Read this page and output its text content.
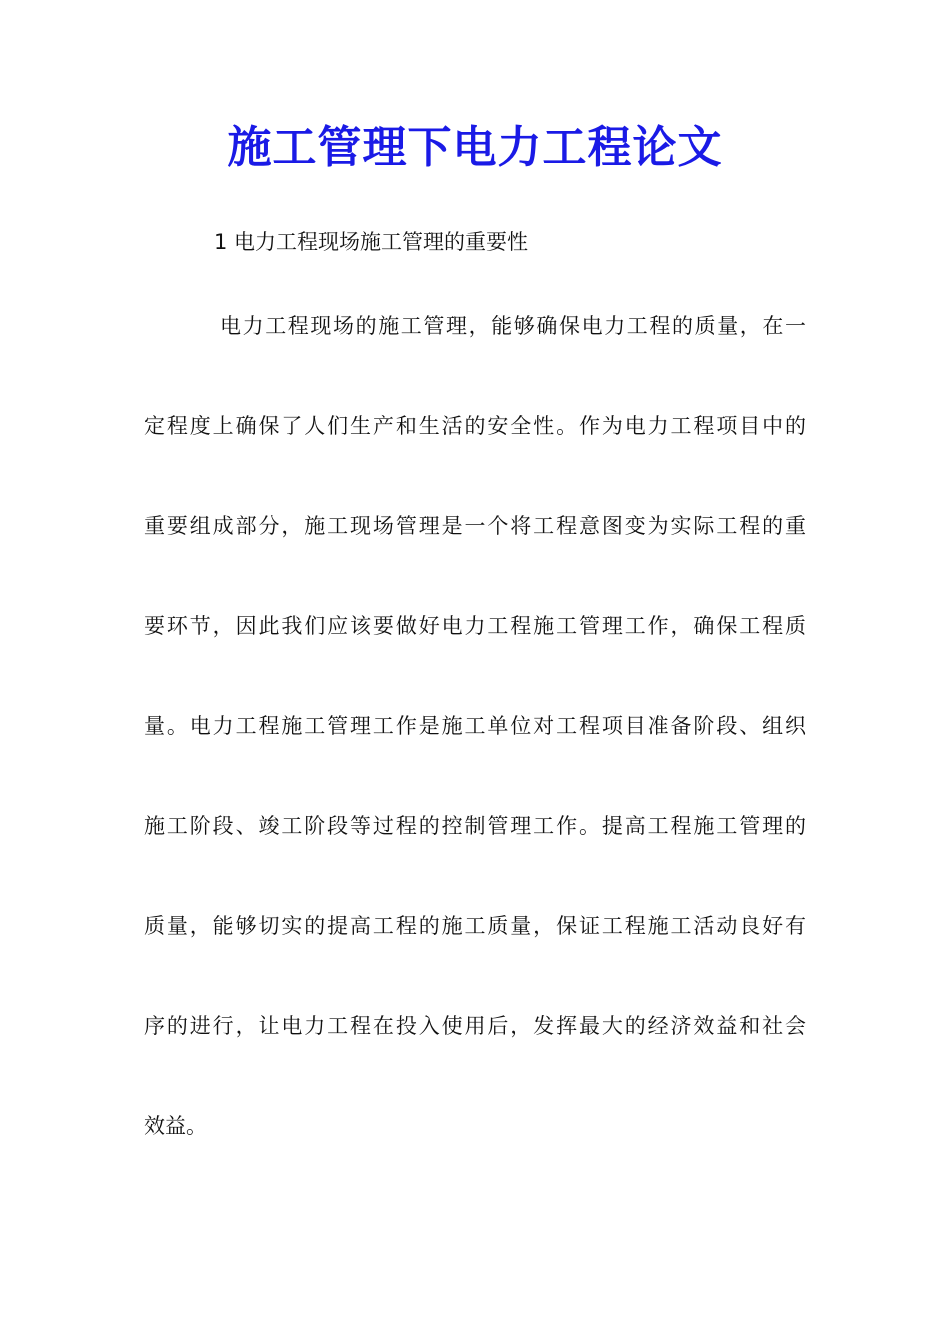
施工管理下电力工程论文

1 电力工程现场施工管理的重要性

电力工程现场的施工管理，能够确保电力工程的质量，在一
定程度上确保了人们生产和生活的安全性。作为电力工程项目中的
重要组成部分，施工现场管理是一个将工程意图变为实际工程的重
要环节，因此我们应该要做好电力工程施工管理工作，确保工程质
量。电力工程施工管理工作是施工单位对工程项目准备阶段、组织
施工阶段、竣工阶段等过程的控制管理工作。提高工程施工管理的
质量，能够切实的提高工程的施工质量，保证工程施工活动良好有
序的进行，让电力工程在投入使用后，发挥最大的经济效益和社会
效益。
